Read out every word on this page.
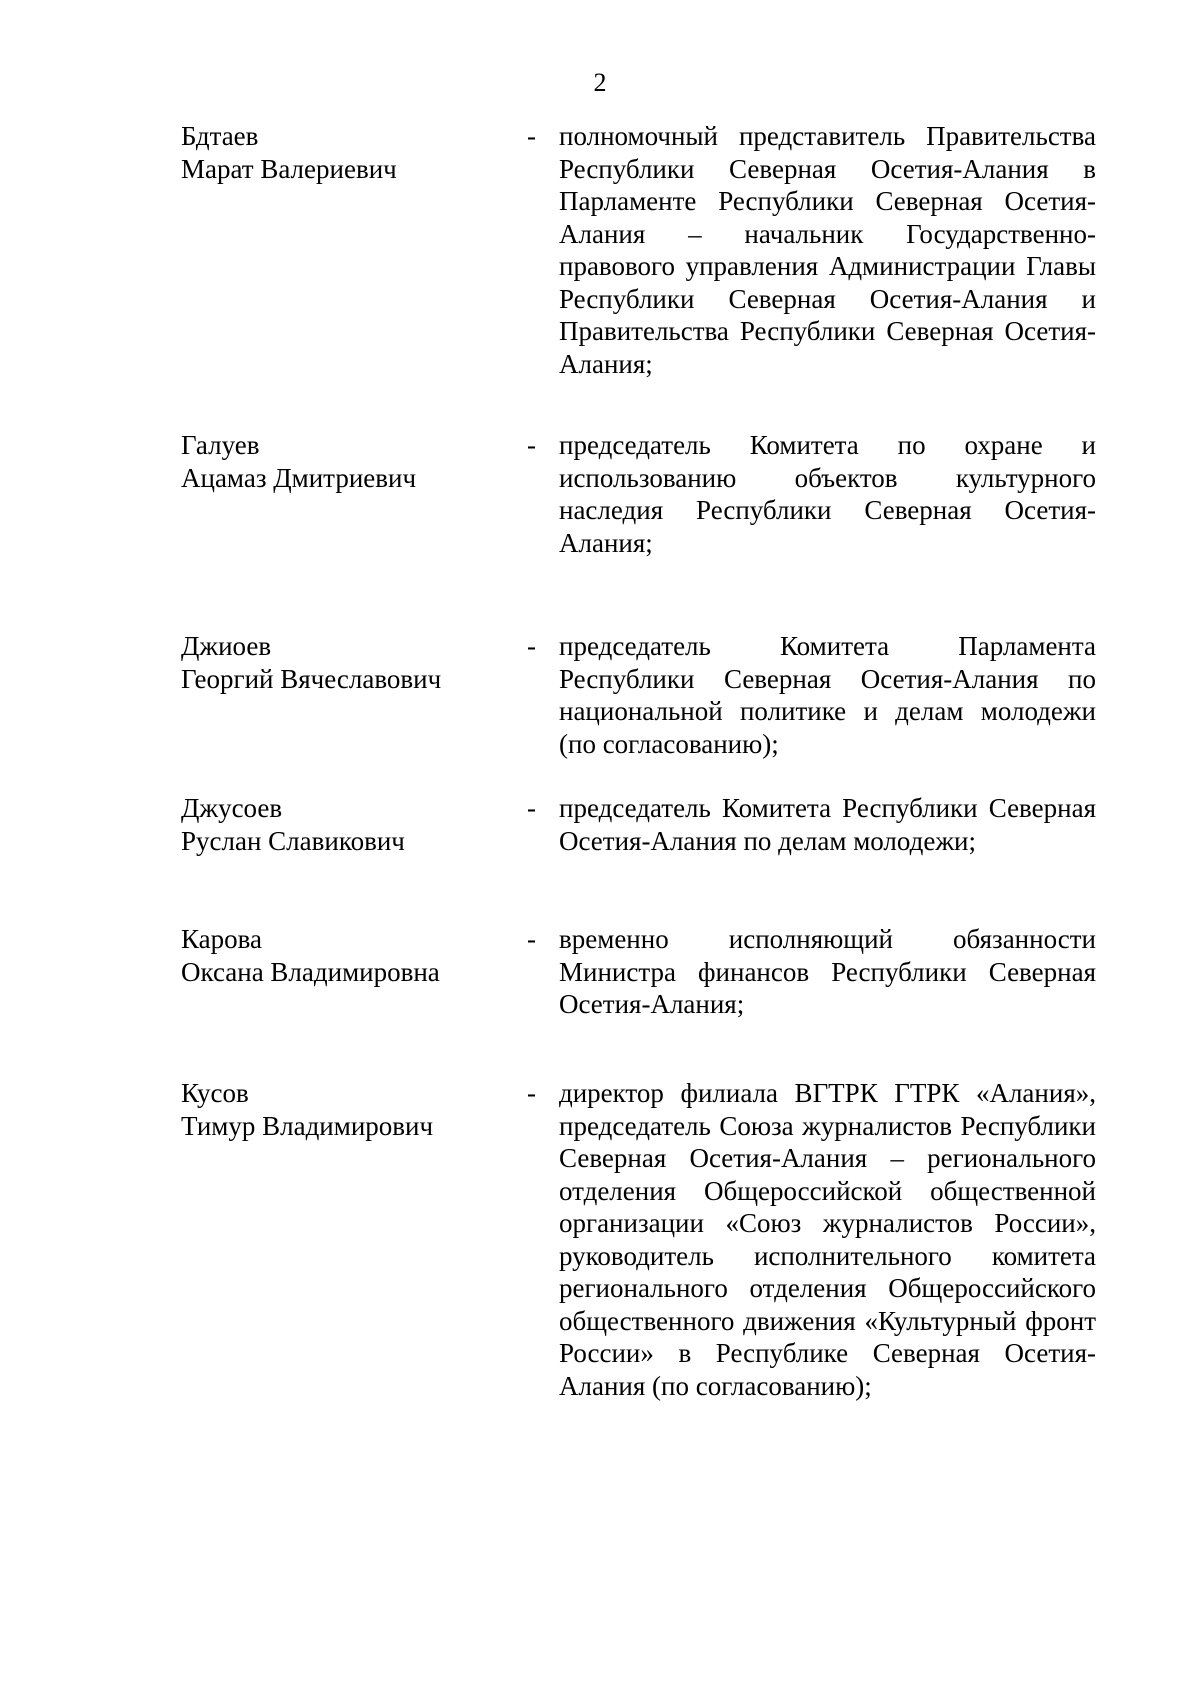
2
Бдтаев
Марат Валериевич
- полномочный представитель Правительства Республики Северная Осетия-Алания в Парламенте Республики Северная Осетия-Алания – начальник Государственно-правового управления Администрации Главы Республики Северная Осетия-Алания и Правительства Республики Северная Осетия-Алания;
Галуев
Ацамаз Дмитриевич
- председатель Комитета по охране и использованию объектов культурного наследия Республики Северная Осетия-Алания;
Джиоев
Георгий Вячеславович
- председатель Комитета Парламента Республики Северная Осетия-Алания по национальной политике и делам молодежи (по согласованию);
Джусоев
Руслан Славикович
- председатель Комитета Республики Северная Осетия-Алания по делам молодежи;
Карова
Оксана Владимировна
- временно исполняющий обязанности Министра финансов Республики Северная Осетия-Алания;
Кусов
Тимур Владимирович
- директор филиала ВГТРК ГТРК «Алания», председатель Союза журналистов Республики Северная Осетия-Алания – регионального отделения Общероссийской общественной организации «Союз журналистов России», руководитель исполнительного комитета регионального отделения Общероссийского общественного движения «Культурный фронт России» в Республике Северная Осетия-Алания (по согласованию);
